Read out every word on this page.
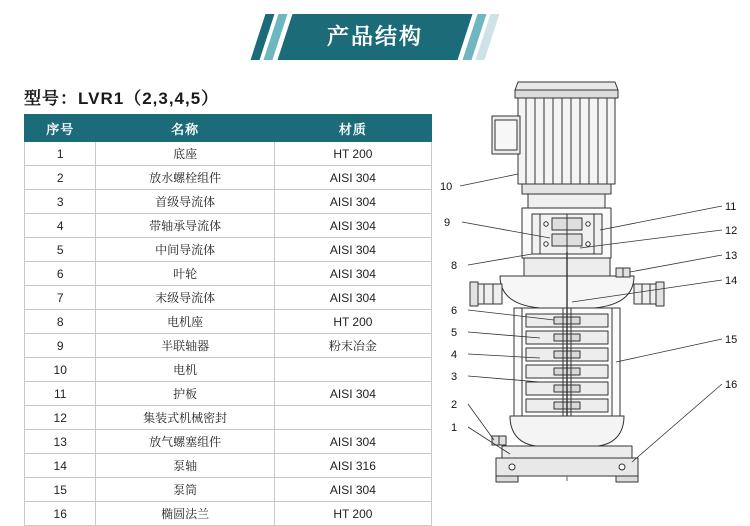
产品结构
型号：LVR1（2,3,4,5）
序号	名称	材质
1	底座	HT 200
2	放水螺栓组件	AISI 304
3	首级导流体	AISI 304
4	带轴承导流体	AISI 304
5	中间导流体	AISI 304
6	叶轮	AISI 304
7	末级导流体	AISI 304
8	电机座	HT 200
9	半联轴器	粉末冶金
10	电机	
11	护板	AISI 304
12	集装式机械密封	
13	放气螺塞组件	AISI 304
14	泵轴	AISI 316
15	泵筒	AISI 304
16	椭圆法兰	HT 200
10
9
8
6
5
4
3
2
1
11
12
13
14
15
16
